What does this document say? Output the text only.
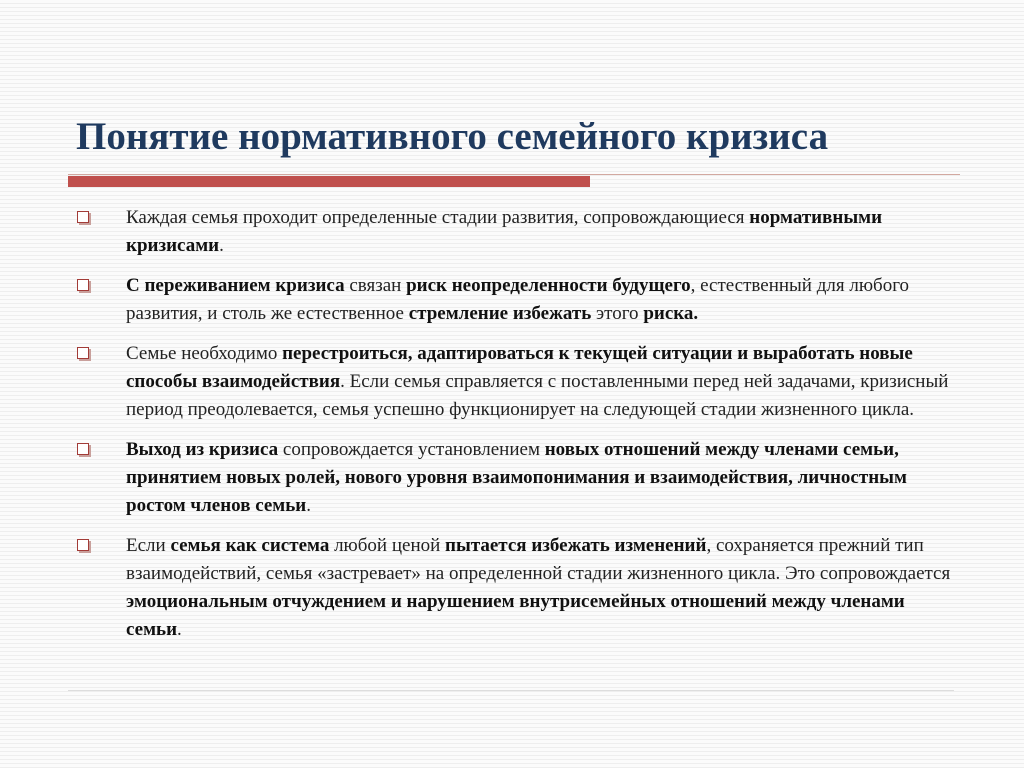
Понятие нормативного семейного кризиса
Каждая семья проходит определенные стадии развития, сопровождающиеся нормативными кризисами.
С переживанием кризиса связан риск неопределенности будущего, естественный для любого развития, и столь же естественное стремление избежать этого риска.
Семье необходимо перестроиться, адаптироваться к текущей ситуации и выработать новые способы взаимодействия. Если семья справляется с поставленными перед ней задачами, кризисный период преодолевается, семья успешно функционирует на следующей стадии жизненного цикла.
Выход из кризиса сопровождается установлением новых отношений между членами семьи, принятием новых ролей, нового уровня взаимопонимания и взаимодействия, личностным ростом членов семьи.
Если семья как система любой ценой пытается избежать изменений, сохраняется прежний тип взаимодействий, семья «застревает» на определенной стадии жизненного цикла. Это сопровождается эмоциональным отчуждением и нарушением внутрисемейных отношений между членами семьи.
